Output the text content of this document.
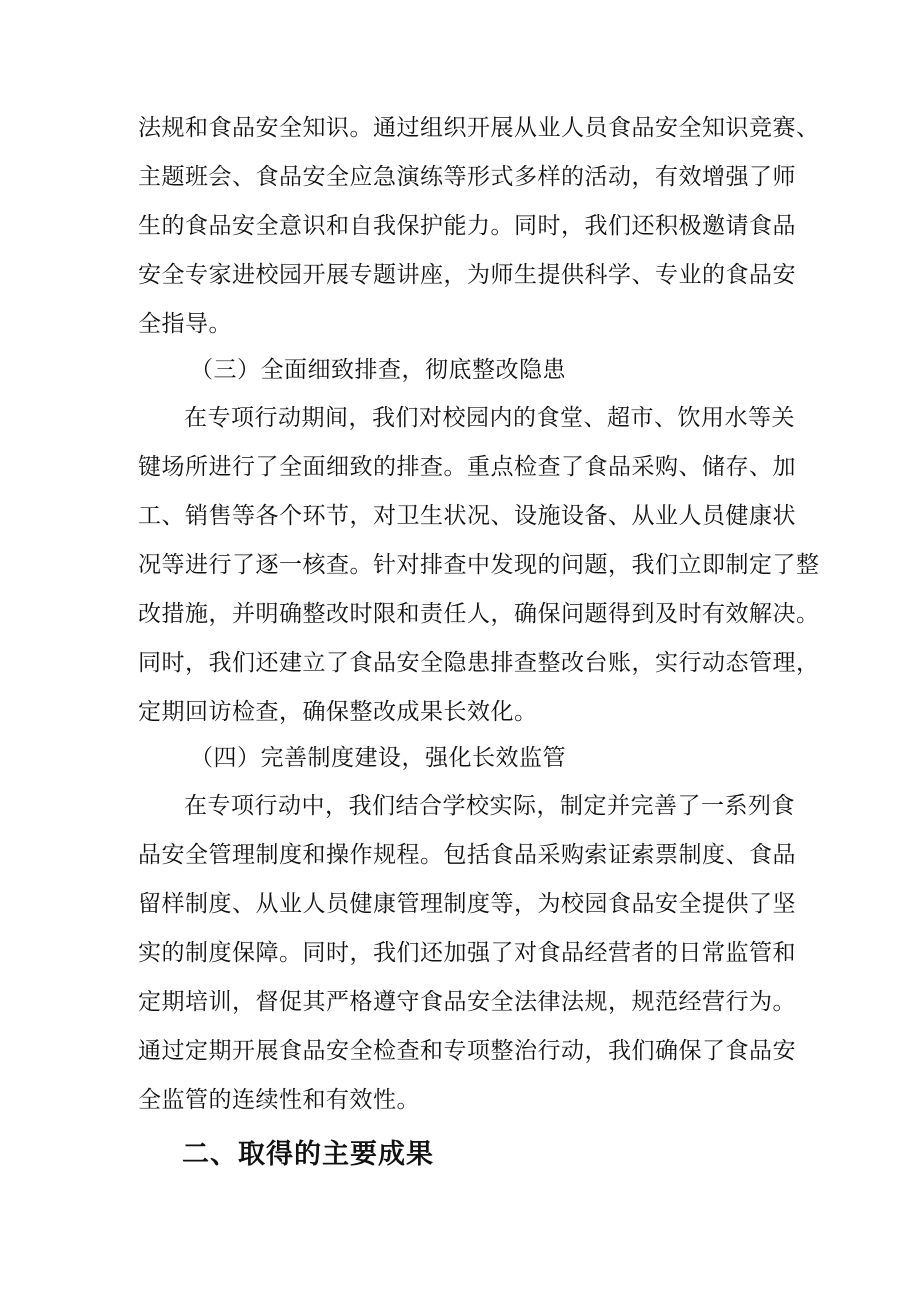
法规和食品安全知识。通过组织开展从业人员食品安全知识竞赛、
主题班会、食品安全应急演练等形式多样的活动，有效增强了师
生的食品安全意识和自我保护能力。同时，我们还积极邀请食品
安全专家进校园开展专题讲座，为师生提供科学、专业的食品安
全指导。
（三）全面细致排查，彻底整改隐患
在专项行动期间，我们对校园内的食堂、超市、饮用水等关
键场所进行了全面细致的排查。重点检查了食品采购、储存、加
工、销售等各个环节，对卫生状况、设施设备、从业人员健康状
况等进行了逐一核查。针对排查中发现的问题，我们立即制定了整
改措施，并明确整改时限和责任人，确保问题得到及时有效解决。
同时，我们还建立了食品安全隐患排查整改台账，实行动态管理，
定期回访检查，确保整改成果长效化。
（四）完善制度建设，强化长效监管
在专项行动中，我们结合学校实际，制定并完善了一系列食
品安全管理制度和操作规程。包括食品采购索证索票制度、食品
留样制度、从业人员健康管理制度等，为校园食品安全提供了坚
实的制度保障。同时，我们还加强了对食品经营者的日常监管和
定期培训，督促其严格遵守食品安全法律法规，规范经营行为。
通过定期开展食品安全检查和专项整治行动，我们确保了食品安
全监管的连续性和有效性。
二、取得的主要成果
